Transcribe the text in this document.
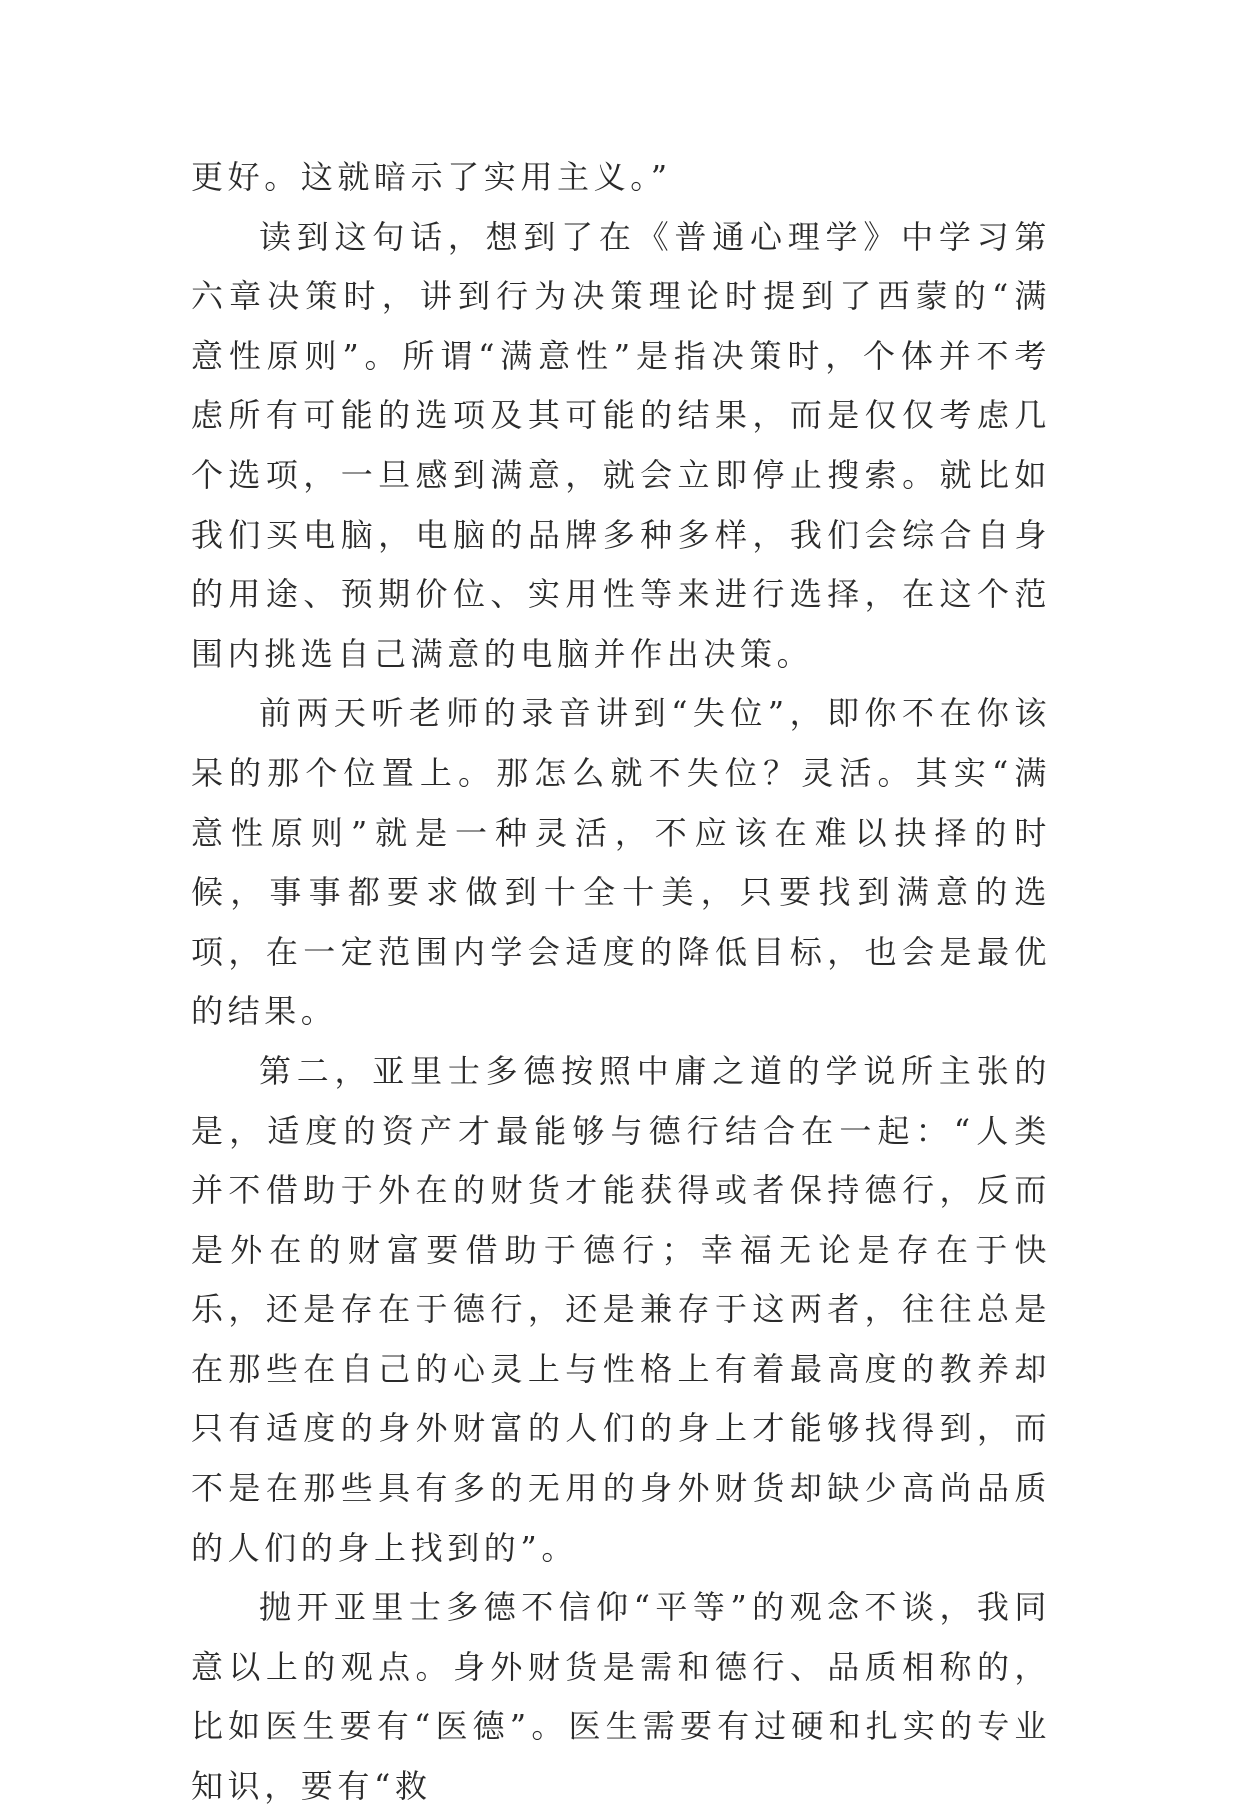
更好。这就暗示了实用主义。”

读到这句话，想到了在《普通心理学》中学习第六章决策时，讲到行为决策理论时提到了西蒙的“满意性原则”。所谓“满意性”是指决策时，个体并不考虑所有可能的选项及其可能的结果，而是仅仅考虑几个选项，一旦感到满意，就会立即停止搜索。就比如我们买电脑，电脑的品牌多种多样，我们会综合自身的用途、预期价位、实用性等来进行选择，在这个范围内挑选自己满意的电脑并作出决策。

前两天听老师的录音讲到“失位”，即你不在你该呆的那个位置上。那怎么就不失位？灵活。其实“满意性原则”就是一种灵活，不应该在难以抉择的时候，事事都要求做到十全十美，只要找到满意的选项，在一定范围内学会适度的降低目标，也会是最优的结果。

第二，亚里士多德按照中庸之道的学说所主张的是，适度的资产才最能够与德行结合在一起：“人类并不借助于外在的财货才能获得或者保持德行，反而是外在的财富要借助于德行；幸福无论是存在于快乐，还是存在于德行，还是兼存于这两者，往往总是在那些在自己的心灵上与性格上有着最高度的教养却只有适度的身外财富的人们的身上才能够找得到，而不是在那些具有多的无用的身外财货却缺少高尚品质的人们的身上找到的”。

抛开亚里士多德不信仰“平等”的观念不谈，我同意以上的观点。身外财货是需和德行、品质相称的，比如医生要有“医德”。医生需要有过硬和扎实的专业知识，要有“救
